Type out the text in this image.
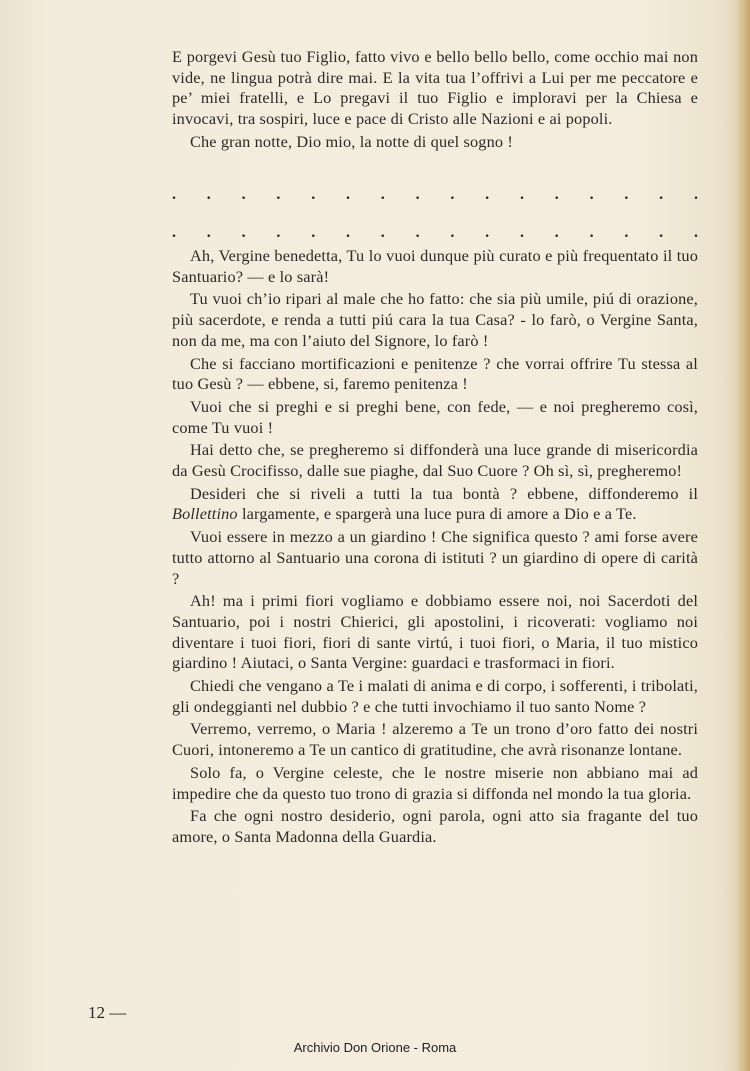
E porgevi Gesù tuo Figlio, fatto vivo e bello bello bello, come occhio mai non vide, ne lingua potrà dire mai. E la vita tua l’offrivi a Lui per me peccatore e pe’ miei fratelli, e Lo pregavi il tuo Figlio e imploravi per la Chiesa e invocavi, tra sospiri, luce e pace di Cristo alle Nazioni e ai popoli.

Che gran notte, Dio mio, la notte di quel sogno !

. . . . . . . . . . . . . . . .
. . . . . . . . . . . . . . . .

Ah, Vergine benedetta, Tu lo vuoi dunque più curato e più frequentato il tuo Santuario? — e lo sarà!

Tu vuoi ch’io ripari al male che ho fatto: che sia più umile, piú di orazione, più sacerdote, e renda a tutti piú cara la tua Casa? - lo farò, o Vergine Santa, non da me, ma con l’aiuto del Signore, lo farò !

Che si facciano mortificazioni e penitenze ? che vorrai offrire Tu stessa al tuo Gesù ? — ebbene, si, faremo penitenza !

Vuoi che si preghi e si preghi bene, con fede, — e noi pregheremo così, come Tu vuoi !

Hai detto che, se pregheremo si diffonderà una luce grande di misericordia da Gesù Crocifisso, dalle sue piaghe, dal Suo Cuore ? Oh sì, sì, pregheremo!

Desideri che si riveli a tutti la tua bontà ? ebbene, diffonderemo il Bollettino largamente, e spargerà una luce pura di amore a Dio e a Te.

Vuoi essere in mezzo a un giardino ! Che significa questo ? ami forse avere tutto attorno al Santuario una corona di istituti ? un giardino di opere di carità ?

Ah! ma i primi fiori vogliamo e dobbiamo essere noi, noi Sacerdoti del Santuario, poi i nostri Chierici, gli apostolini, i ricoverati: vogliamo noi diventare i tuoi fiori, fiori di sante virtú, i tuoi fiori, o Maria, il tuo mistico giardino ! Aiutaci, o Santa Vergine: guardaci e trasformaci in fiori.

Chiedi che vengano a Te i malati di anima e di corpo, i sofferenti, i tribolati, gli ondeggianti nel dubbio ? e che tutti invochiamo il tuo santo Nome ?

Verremo, verremo, o Maria ! alzeremo a Te un trono d’oro fatto dei nostri Cuori, intoneremo a Te un cantico di gratitudine, che avrà risonanze lontane.

Solo fa, o Vergine celeste, che le nostre miserie non abbiano mai ad impedire che da questo tuo trono di grazia si diffonda nel mondo la tua gloria.

Fa che ogni nostro desiderio, ogni parola, ogni atto sia fragante del tuo amore, o Santa Madonna della Guardia.

12 —
Archivio Don Orione - Roma
